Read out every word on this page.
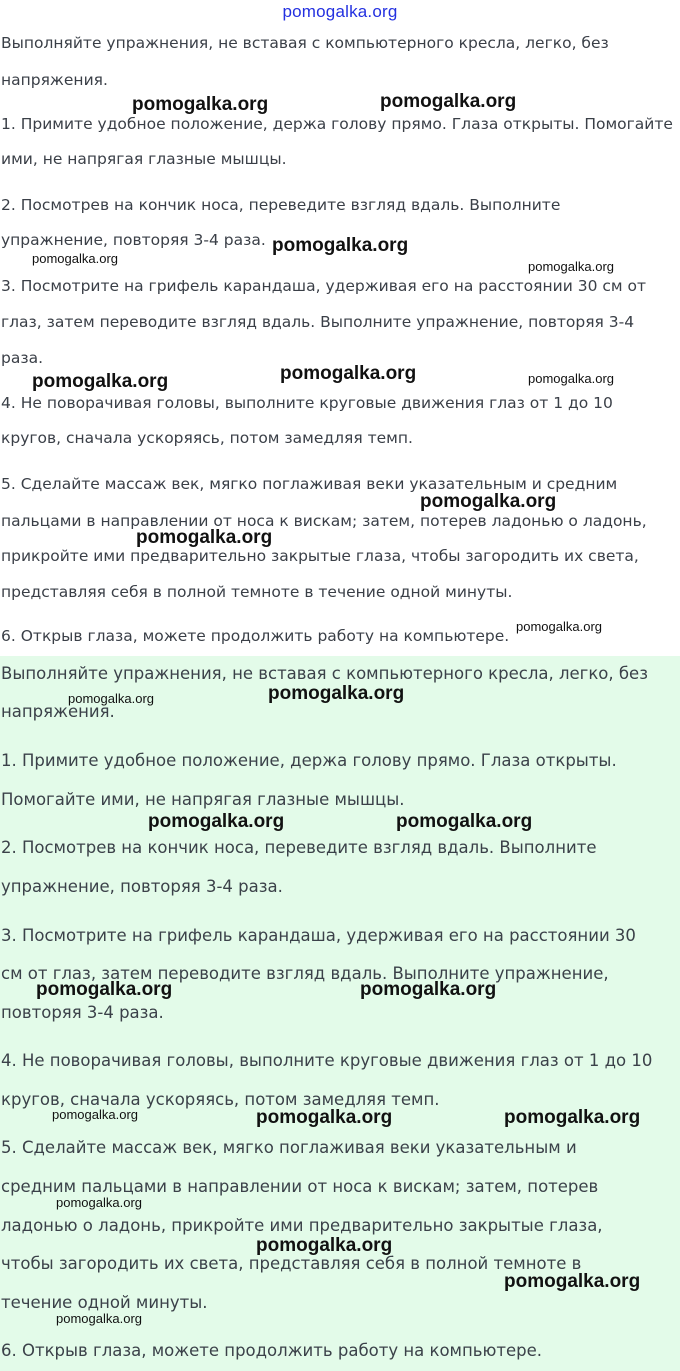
pomogalka.org
Выполняйте упражнения, не вставая с компьютерного кресла, легко, без
напряжения.
1. Примите удобное положение, держа голову прямо. Глаза открыты. Помогайте
ими, не напрягая глазные мышцы.
2. Посмотрев на кончик носа, переведите взгляд вдаль. Выполните
упражнение, повторяя 3-4 раза.
3. Посмотрите на грифель карандаша, удерживая его на расстоянии 30 см от
глаз, затем переводите взгляд вдаль. Выполните упражнение, повторяя 3-4
раза.
4. Не поворачивая головы, выполните круговые движения глаз от 1 до 10
кругов, сначала ускоряясь, потом замедляя темп.
5. Сделайте массаж век, мягко поглаживая веки указательным и средним
пальцами в направлении от носа к вискам; затем, потерев ладонью о ладонь,
прикройте ими предварительно закрытые глаза, чтобы загородить их света,
представляя себя в полной темноте в течение одной минуты.
6. Открыв глаза, можете продолжить работу на компьютере.
Выполняйте упражнения, не вставая с компьютерного кресла, легко, без
напряжения.
1. Примите удобное положение, держа голову прямо. Глаза открыты.
Помогайте ими, не напрягая глазные мышцы.
2. Посмотрев на кончик носа, переведите взгляд вдаль. Выполните
упражнение, повторяя 3-4 раза.
3. Посмотрите на грифель карандаша, удерживая его на расстоянии 30
см от глаз, затем переводите взгляд вдаль. Выполните упражнение,
повторяя 3-4 раза.
4. Не поворачивая головы, выполните круговые движения глаз от 1 до 10
кругов, сначала ускоряясь, потом замедляя темп.
5. Сделайте массаж век, мягко поглаживая веки указательным и
средним пальцами в направлении от носа к вискам; затем, потерев
ладонью о ладонь, прикройте ими предварительно закрытые глаза,
чтобы загородить их света, представляя себя в полной темноте в
течение одной минуты.
6. Открыв глаза, можете продолжить работу на компьютере.
pomogalka.org	pomogalka.org
pomogalka.org
pomogalka.org
pomogalka.org
pomogalka.org	pomogalka.org	pomogalka.org
pomogalka.org
pomogalka.org
pomogalka.org
pomogalka.org	pomogalka.org
pomogalka.org	pomogalka.org
pomogalka.org	pomogalka.org
pomogalka.org	pomogalka.org	pomogalka.org
pomogalka.org
pomogalka.org
pomogalka.org
pomogalka.org
